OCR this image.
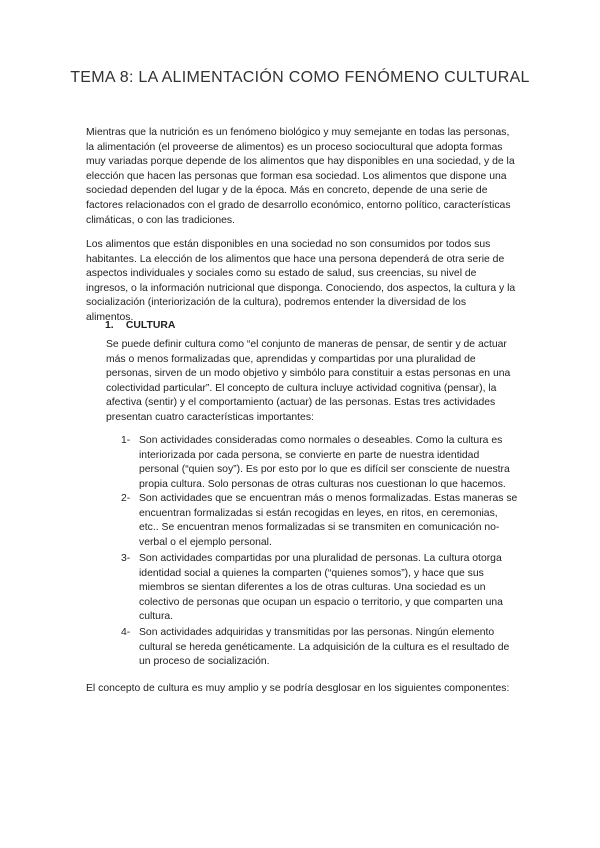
TEMA 8: LA ALIMENTACIÓN COMO FENÓMENO CULTURAL

Mientras que la nutrición es un fenómeno biológico y muy semejante en todas las personas, la alimentación (el proveerse de alimentos) es un proceso sociocultural que adopta formas muy variadas porque depende de los alimentos que hay disponibles en una sociedad, y de la elección que hacen las personas que forman esa sociedad. Los alimentos que dispone una sociedad dependen del lugar y de la época. Más en concreto, depende de una serie de factores relacionados con el grado de desarrollo económico, entorno político, características climáticas, o con las tradiciones.

Los alimentos que están disponibles en una sociedad no son consumidos por todos sus habitantes. La elección de los alimentos que hace una persona dependerá de otra serie de aspectos individuales y sociales como su estado de salud, sus creencias, su nivel de ingresos, o la información nutricional que disponga. Conociendo, dos aspectos, la cultura y la socialización (interiorización de la cultura), podremos entender la diversidad de los alimentos.

1. CULTURA

Se puede definir cultura como “el conjunto de maneras de pensar, de sentir y de actuar más o menos formalizadas que, aprendidas y compartidas por una pluralidad de personas, sirven de un modo objetivo y simbólo para constituir a estas personas en una colectividad particular”. El concepto de cultura incluye actividad cognitiva (pensar), la afectiva (sentir) y el comportamiento (actuar) de las personas. Estas tres actividades presentan cuatro características importantes:

1- Son actividades consideradas como normales o deseables. Como la cultura es interiorizada por cada persona, se convierte en parte de nuestra identidad personal (“quien soy”). Es por esto por lo que es difícil ser consciente de nuestra propia cultura. Solo personas de otras culturas nos cuestionan lo que hacemos.
2- Son actividades que se encuentran más o menos formalizadas. Estas maneras se encuentran formalizadas si están recogidas en leyes, en ritos, en ceremonias, etc.. Se encuentran menos formalizadas si se transmiten en comunicación no-verbal o el ejemplo personal.
3- Son actividades compartidas por una pluralidad de personas. La cultura otorga identidad social a quienes la comparten (“quienes somos”), y hace que sus miembros se sientan diferentes a los de otras culturas. Una sociedad es un colectivo de personas que ocupan un espacio o territorio, y que comparten una cultura.
4- Son actividades adquiridas y transmitidas por las personas. Ningún elemento cultural se hereda genéticamente. La adquisición de la cultura es el resultado de un proceso de socialización.

El concepto de cultura es muy amplio y se podría desglosar en los siguientes componentes:
